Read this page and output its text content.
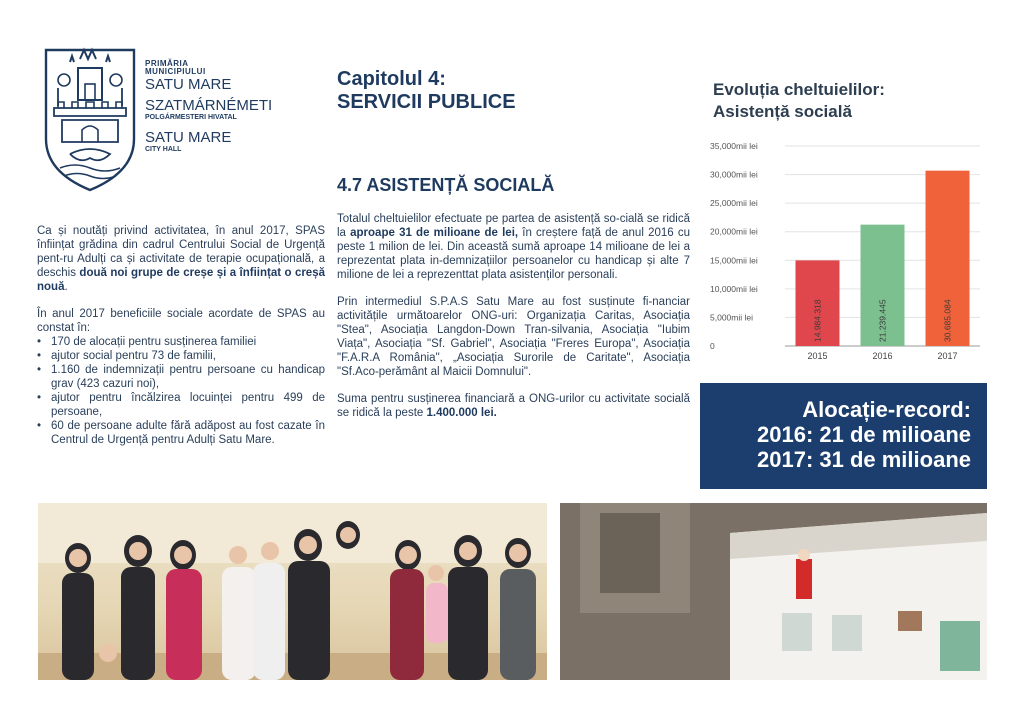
PRIMĂRIA
MUNICIPIULUI
SATU MARE
SZATMÁRNÉMETI
POLGÁRMESTERI HIVATAL
SATU MARE
CITY HALL
Capitolul 4:
SERVICII PUBLICE
4.7 ASISTENȚĂ SOCIALĂ

Ca și noutăți privind activitatea, în anul 2017, SPAS înființat grădina din cadrul Centrului Social de Urgență pent-ru Adulți ca și activitate de terapie ocupațională, a deschis două noi grupe de creșe și a înființat o creșă nouă.

În anul 2017 beneficiile sociale acordate de SPAS au constat în:

• 170 de alocații pentru susținerea familiei
• ajutor social pentru 73 de familii,
• 1.160 de indemnizații pentru persoane cu handicap grav (423 cazuri noi),
• ajutor pentru încălzirea locuinței pentru 499 de persoane,
• 60 de persoane adulte fără adăpost au fost cazate în Centrul de Urgență pentru Adulți Satu Mare.

Totalul cheltuielilor efectuate pe partea de asistență so-cială se ridică la aproape 31 de milioane de lei, în creștere față de anul 2016 cu peste 1 milion de lei. Din această sumă aproape 14 milioane de lei a reprezentat plata in-demnizațiilor persoanelor cu handicap și alte 7 milione de lei a reprezenttat plata asistenților personali.

Prin intermediul S.P.A.S Satu Mare au fost susținute fi-nanciar activitățile următoarelor ONG-uri: Organizația Caritas, Asociația "Stea", Asociația Langdon-Down Tran-silvania, Asociația "Iubim Viața", Asociația "Sf. Gabriel", Asociația "Freres Europa", Asociația "F.A.R.A România", „Asociația Surorile de Caritate", Asociația "Sf.Aco-perământ al Maicii Domnului".

Suma pentru susținerea financiară a ONG-urilor cu activitate socială se ridică la peste 1.400.000 lei.

Evoluția cheltuielilor:
Asistență socială
0
5,000mii lei
10,000mii lei
15,000mii lei
20,000mii lei
25,000mii lei
30,000mii lei
35,000mii lei
14.984.318
2015
21.239.445
2016
30.685.084
2017
Alocație-record:
2016: 21 de milioane
2017: 31 de milioane
